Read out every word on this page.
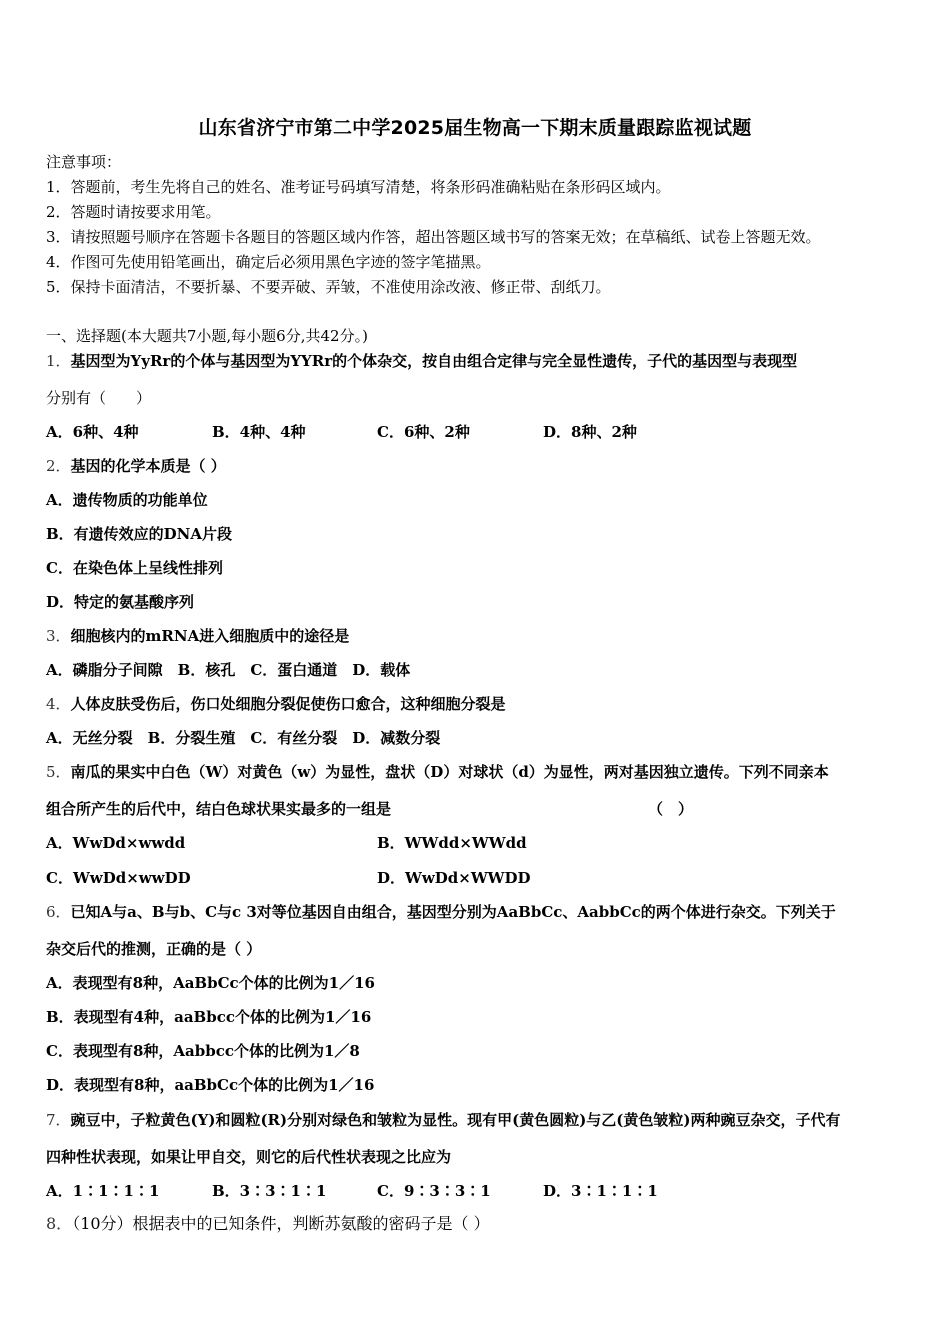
山东省济宁市第二中学2025届生物高一下期末质量跟踪监视试题
注意事项：
1．答题前，考生先将自己的姓名、准考证号码填写清楚，将条形码准确粘贴在条形码区域内。
2．答题时请按要求用笔。
3．请按照题号顺序在答题卡各题目的答题区域内作答，超出答题区域书写的答案无效；在草稿纸、试卷上答题无效。
4．作图可先使用铅笔画出，确定后必须用黑色字迹的签字笔描黑。
5．保持卡面清洁，不要折暴、不要弄破、弄皱，不准使用涂改液、修正带、刮纸刀。
一、选择题(本大题共7小题,每小题6分,共42分。)
1．基因型为YyRr的个体与基因型为YYRr的个体杂交，按自由组合定律与完全显性遗传，子代的基因型与表现型
分别有（　　）
A．6种、4种	B．4种、4种	C．6种、2种	D．8种、2种
2．基因的化学本质是（ ）
A．遗传物质的功能单位
B．有遗传效应的DNA片段
C．在染色体上呈线性排列
D．特定的氨基酸序列
3．细胞核内的mRNA进入细胞质中的途径是
A．磷脂分子间隙　B．核孔　C．蛋白通道　D．载体
4．人体皮肤受伤后，伤口处细胞分裂促使伤口愈合，这种细胞分裂是
A．无丝分裂　B．分裂生殖　C．有丝分裂　D．减数分裂
5．南瓜的果实中白色（W）对黄色（w）为显性，盘状（D）对球状（d）为显性，两对基因独立遗传。下列不同亲本
组合所产生的后代中，结白色球状果实最多的一组是	（　）
A．WwDd×wwdd	B．WWdd×WWdd
C．WwDd×wwDD	D．WwDd×WWDD
6．已知A与a、B与b、C与c 3对等位基因自由组合，基因型分别为AaBbCc、AabbCc的两个体进行杂交。下列关于
杂交后代的推测，正确的是（ ）
A．表现型有8种，AaBbCc个体的比例为1／16
B．表现型有4种，aaBbcc个体的比例为1／16
C．表现型有8种，Aabbcc个体的比例为1／8
D．表现型有8种，aaBbCc个体的比例为1／16
7．豌豆中，子粒黄色(Y)和圆粒(R)分别对绿色和皱粒为显性。现有甲(黄色圆粒)与乙(黄色皱粒)两种豌豆杂交，子代有
四种性状表现，如果让甲自交，则它的后代性状表现之比应为
A．1∶1∶1∶1	B．3∶3∶1∶1	C．9∶3∶3∶1	D．3∶1∶1∶1
8．（10分）根据表中的已知条件，判断苏氨酸的密码子是（ ）
